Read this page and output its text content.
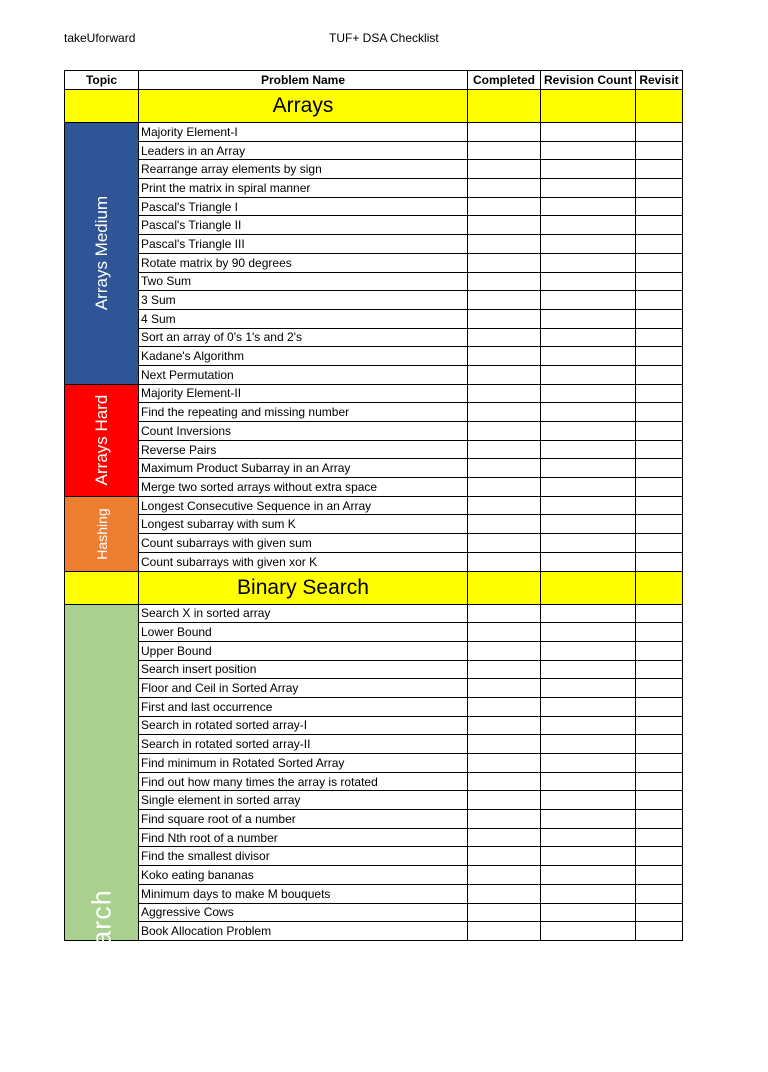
takeUforward	TUF+ DSA Checklist
Topic	Problem Name	Completed	Revision Count	Revisit
	Arrays			

Arrays Medium	Majority Element-I			
	Leaders in an Array			
	Rearrange array elements by sign			
	Print the matrix in spiral manner			
	Pascal's Triangle I			
	Pascal's Triangle II			
	Pascal's Triangle III			
	Rotate matrix by 90 degrees			
	Two Sum			
	3 Sum			
	4 Sum			
	Sort an array of 0's 1's and 2's			
	Kadane's Algorithm			
	Next Permutation			

Arrays Hard	Majority Element-II			
	Find the repeating and missing number			
	Count Inversions			
	Reverse Pairs			
	Maximum Product Subarray in an Array			
	Merge two sorted arrays without extra space			

Hashing	Longest Consecutive Sequence in an Array			
	Longest subarray with sum K			
	Count subarrays with given sum			
	Count subarrays with given xor K			
	Binary Search			

Binary Search	Search X in sorted array			
	Lower Bound			
	Upper Bound			
	Search insert position			
	Floor and Ceil in Sorted Array			
	First and last occurrence			
	Search in rotated sorted array-I			
	Search in rotated sorted array-II			
	Find minimum in Rotated Sorted Array			
	Find out how many times the array is rotated			
	Single element in sorted array			
	Find square root of a number			
	Find Nth root of a number			
	Find the smallest divisor			
	Koko eating bananas			
	Minimum days to make M bouquets			
	Aggressive Cows			
	Book Allocation Problem			
